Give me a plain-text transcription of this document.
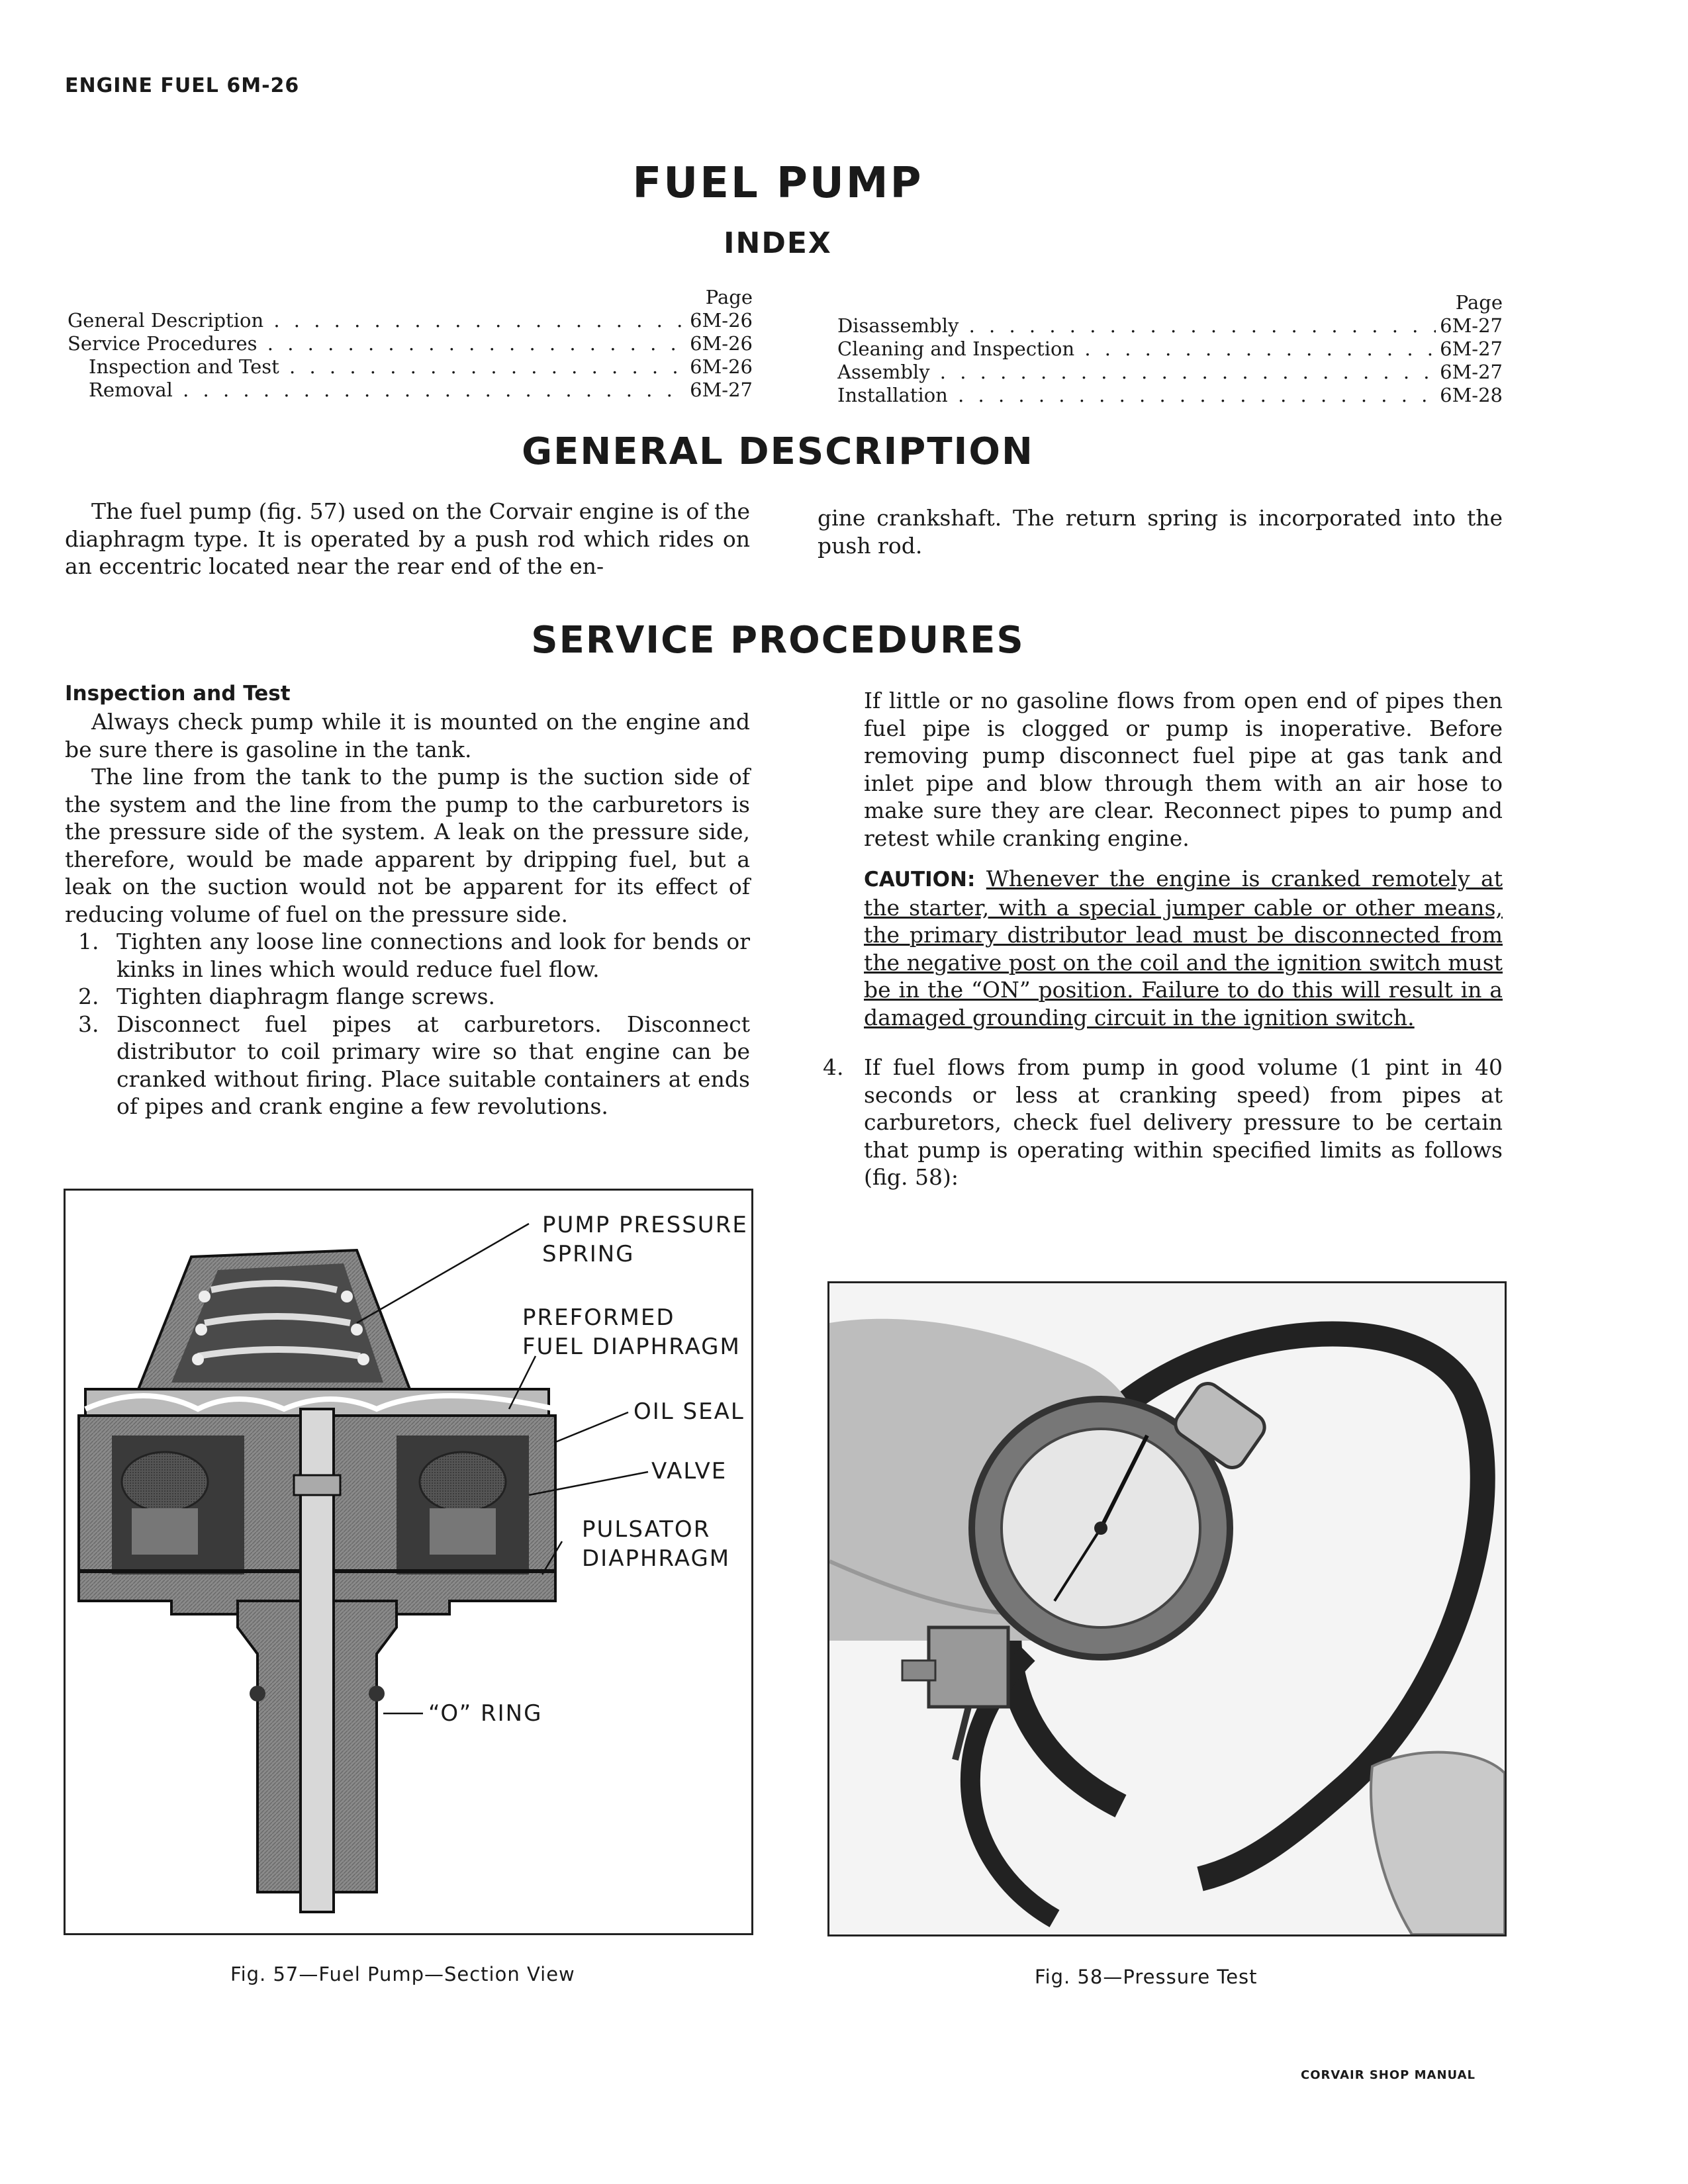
ENGINE FUEL 6M-26
FUEL PUMP
INDEX
Page
General Description . . .	6M-26
Service Procedures . . .	6M-26
Inspection and Test . . .	6M-26
Removal . . .	6M-27
Page
Disassembly . . .	6M-27
Cleaning and Inspection . . .	6M-27
Assembly . . .	6M-27
Installation . . .	6M-28
GENERAL DESCRIPTION

The fuel pump (fig. 57) used on the Corvair engine is of the diaphragm type. It is operated by a push rod which rides on an eccentric located near the rear end of the en-

gine crankshaft. The return spring is incorporated into the push rod.

SERVICE PROCEDURES
Inspection and Test

Always check pump while it is mounted on the engine and be sure there is gasoline in the tank.

The line from the tank to the pump is the suction side of the system and the line from the pump to the carburetors is the pressure side of the system. A leak on the pressure side, therefore, would be made apparent by dripping fuel, but a leak on the suction would not be apparent for its effect of reducing volume of fuel on the pressure side.

1. Tighten any loose line connections and look for bends or kinks in lines which would reduce fuel flow.
2. Tighten diaphragm flange screws.
3. Disconnect fuel pipes at carburetors. Disconnect distributor to coil primary wire so that engine can be cranked without firing. Place suitable containers at ends of pipes and crank engine a few revolutions.

If little or no gasoline flows from open end of pipes then fuel pipe is clogged or pump is inoperative. Before removing pump disconnect fuel pipe at gas tank and inlet pipe and blow through them with an air hose to make sure they are clear. Reconnect pipes to pump and retest while cranking engine.

CAUTION: Whenever the engine is cranked remotely at the starter, with a special jumper cable or other means, the primary distributor lead must be disconnected from the negative post on the coil and the ignition switch must be in the “ON” position. Failure to do this will result in a damaged grounding circuit in the ignition switch.
4. If fuel flows from pump in good volume (1 pint in 40 seconds or less at cranking speed) from pipes at carburetors, check fuel delivery pressure to be certain that pump is operating within specified limits as follows (fig. 58):
PUMP PRESSURE
SPRING
PREFORMED
FUEL DIAPHRAGM
OIL SEAL
VALVE
PULSATOR
DIAPHRAGM
“O” RING
Fig. 57—Fuel Pump—Section View	Fig. 58—Pressure Test
CORVAIR SHOP MANUAL
